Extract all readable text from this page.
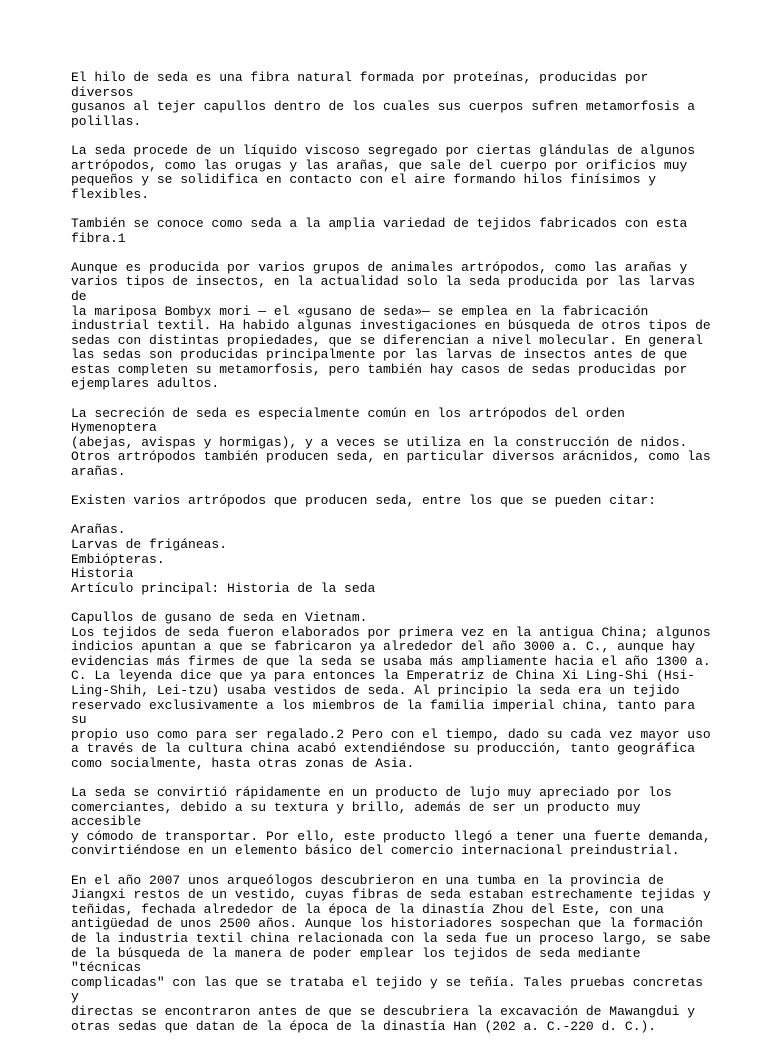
El hilo de seda es una fibra natural formada por proteínas, producidas por diversos
gusanos al tejer capullos dentro de los cuales sus cuerpos sufren metamorfosis a
polillas.

La seda procede de un líquido viscoso segregado por ciertas glándulas de algunos
artrópodos, como las orugas y las arañas, que sale del cuerpo por orificios muy
pequeños y se solidifica en contacto con el aire formando hilos finísimos y
flexibles.

También se conoce como seda a la amplia variedad de tejidos fabricados con esta
fibra.1

Aunque es producida por varios grupos de animales artrópodos, como las arañas y
varios tipos de insectos, en la actualidad solo la seda producida por las larvas de
la mariposa Bombyx mori — el «gusano de seda»— se emplea en la fabricación
industrial textil. Ha habido algunas investigaciones en búsqueda de otros tipos de
sedas con distintas propiedades, que se diferencian a nivel molecular. En general
las sedas son producidas principalmente por las larvas de insectos antes de que
estas completen su metamorfosis, pero también hay casos de sedas producidas por
ejemplares adultos.

La secreción de seda es especialmente común en los artrópodos del orden Hymenoptera
(abejas, avispas y hormigas), y a veces se utiliza en la construcción de nidos.
Otros artrópodos también producen seda, en particular diversos arácnidos, como las
arañas.

Existen varios artrópodos que producen seda, entre los que se pueden citar:

Arañas.
Larvas de frigáneas.
Embiópteras.
Historia
Artículo principal: Historia de la seda

Capullos de gusano de seda en Vietnam.
Los tejidos de seda fueron elaborados por primera vez en la antigua China; algunos
indicios apuntan a que se fabricaron ya alrededor del año 3000 a. C., aunque hay
evidencias más firmes de que la seda se usaba más ampliamente hacia el año 1300 a.
C. La leyenda dice que ya para entonces la Emperatriz de China Xi Ling-Shi (Hsi-
Ling-Shih, Lei-tzu) usaba vestidos de seda. Al principio la seda era un tejido
reservado exclusivamente a los miembros de la familia imperial china, tanto para su
propio uso como para ser regalado.2 Pero con el tiempo, dado su cada vez mayor uso
a través de la cultura china acabó extendiéndose su producción, tanto geográfica
como socialmente, hasta otras zonas de Asia.

La seda se convirtió rápidamente en un producto de lujo muy apreciado por los
comerciantes, debido a su textura y brillo, además de ser un producto muy accesible
y cómodo de transportar. Por ello, este producto llegó a tener una fuerte demanda,
convirtiéndose en un elemento básico del comercio internacional preindustrial.

En el año 2007 unos arqueólogos descubrieron en una tumba en la provincia de
Jiangxi restos de un vestido, cuyas fibras de seda estaban estrechamente tejidas y
teñidas, fechada alrededor de la época de la dinastía Zhou del Este, con una
antigüedad de unos 2500 años. Aunque los historiadores sospechan que la formación
de la industria textil china relacionada con la seda fue un proceso largo, se sabe
de la búsqueda de la manera de poder emplear los tejidos de seda mediante "técnicas
complicadas" con las que se trataba el tejido y se teñía. Tales pruebas concretas y
directas se encontraron antes de que se descubriera la excavación de Mawangdui y
otras sedas que datan de la época de la dinastía Han (202 a. C.-220 d. C.).
